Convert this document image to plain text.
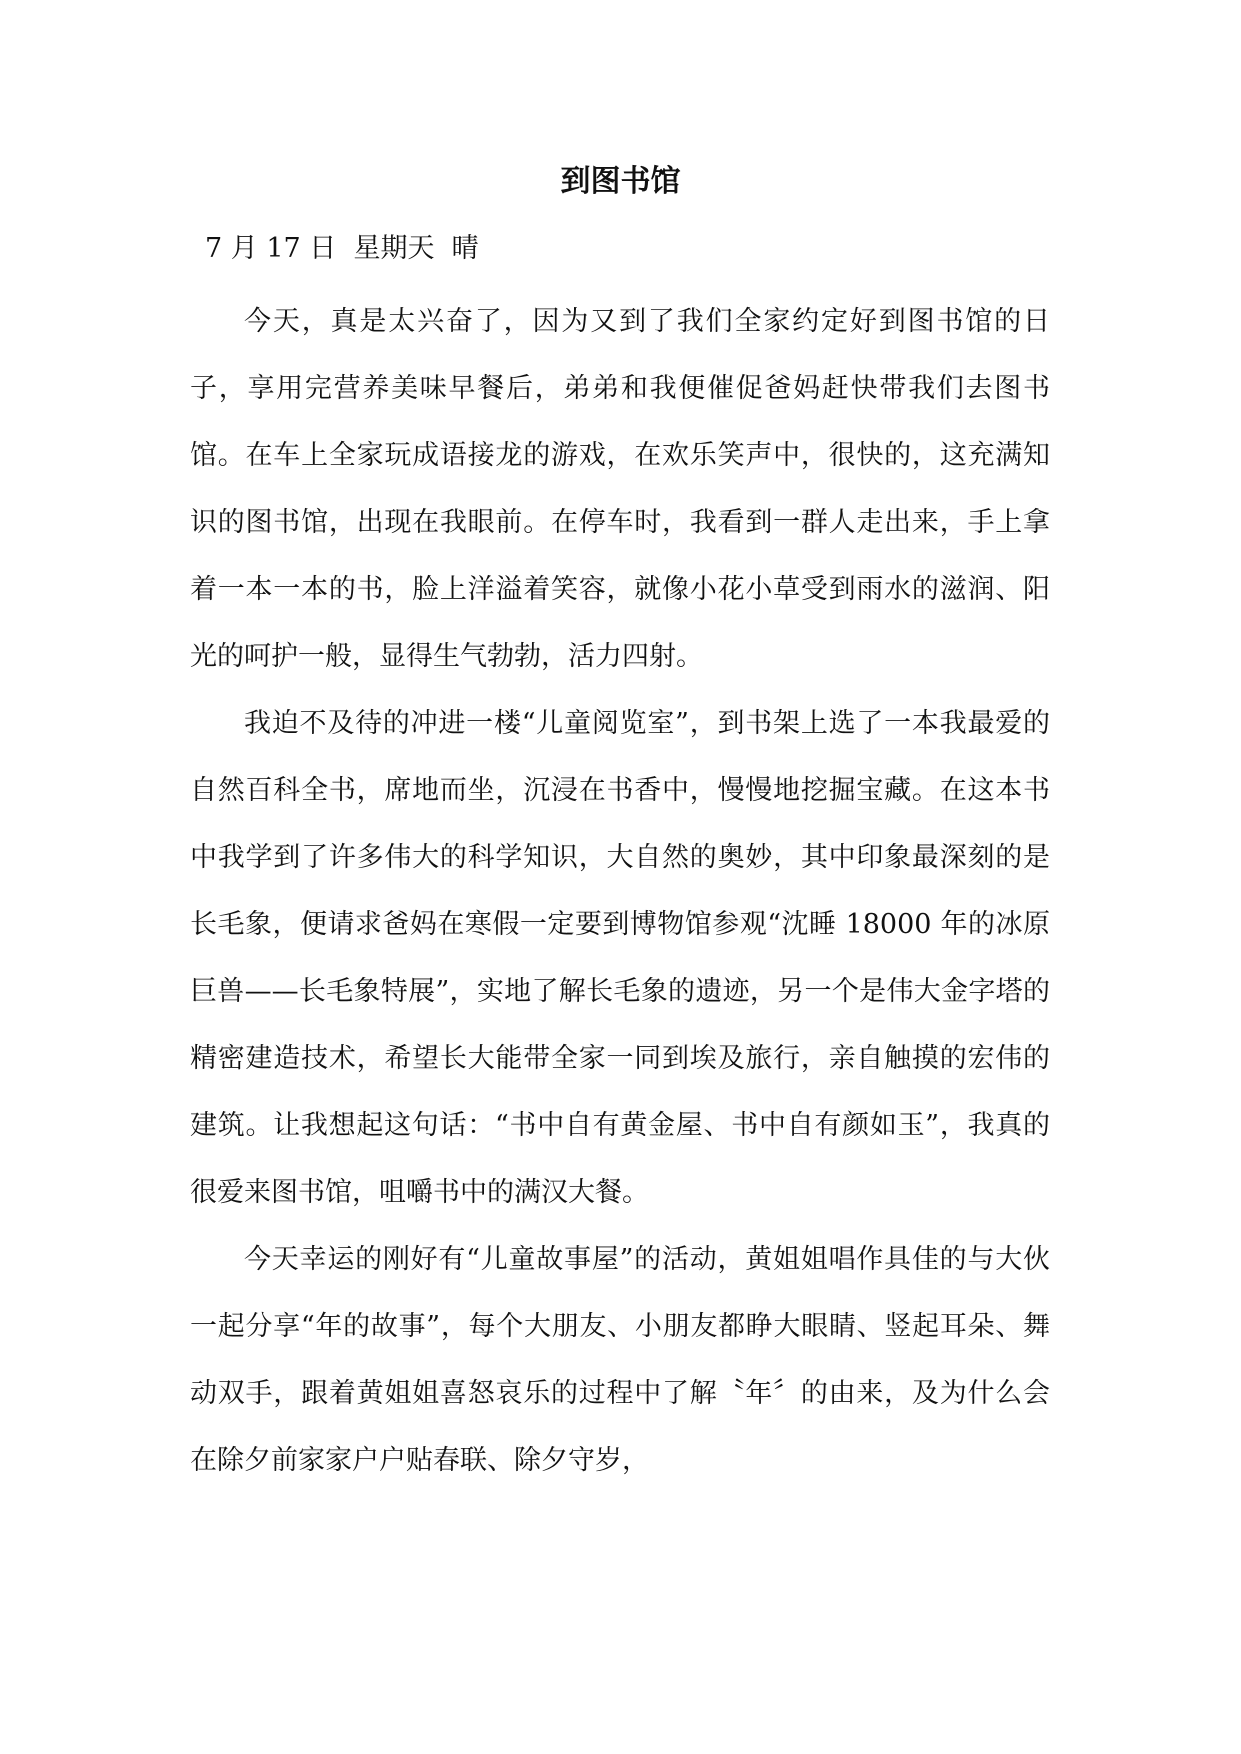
到图书馆
7 月 17 日  星期天  晴

今天，真是太兴奋了，因为又到了我们全家约定好到图书馆的日子，享用完营养美味早餐后，弟弟和我便催促爸妈赶快带我们去图书馆。在车上全家玩成语接龙的游戏，在欢乐笑声中，很快的，这充满知识的图书馆，出现在我眼前。在停车时，我看到一群人走出来，手上拿着一本一本的书，脸上洋溢着笑容，就像小花小草受到雨水的滋润、阳光的呵护一般，显得生气勃勃，活力四射。

我迫不及待的冲进一楼“儿童阅览室”，到书架上选了一本我最爱的自然百科全书，席地而坐，沉浸在书香中，慢慢地挖掘宝藏。在这本书中我学到了许多伟大的科学知识，大自然的奥妙，其中印象最深刻的是长毛象，便请求爸妈在寒假一定要到博物馆参观“沈睡 18000 年的冰原巨兽——长毛象特展”，实地了解长毛象的遗迹，另一个是伟大金字塔的精密建造技术，希望长大能带全家一同到埃及旅行，亲自触摸的宏伟的建筑。让我想起这句话：“书中自有黄金屋、书中自有颜如玉”，我真的很爱来图书馆，咀嚼书中的满汉大餐。

今天幸运的刚好有“儿童故事屋”的活动，黄姐姐唱作具佳的与大伙一起分享“年的故事”，每个大朋友、小朋友都睁大眼睛、竖起耳朵、舞动双手，跟着黄姐姐喜怒哀乐的过程中了解〝年〞的由来，及为什么会在除夕前家家户户贴春联、除夕守岁，
